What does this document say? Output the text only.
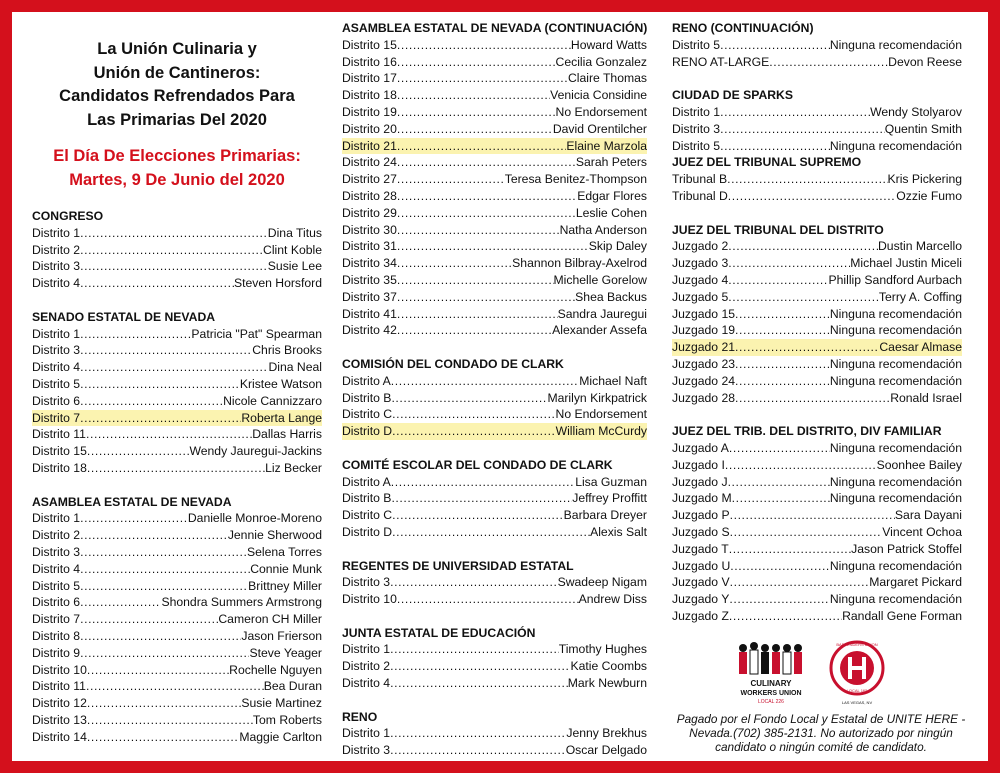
La Unión Culinaria y
Unión de Cantineros:
Candidatos Refrendados Para
Las Primarias Del 2020
El Día De Elecciones Primarias:
Martes, 9 De Junio del 2020
CONGRESO
Distrito 1 .....	Dina Titus
Distrito 2 .....	Clint Koble
Distrito 3 .....	Susie Lee
Distrito 4 .....	Steven Horsford
SENADO ESTATAL DE NEVADA
Distrito 1 .....	Patricia "Pat" Spearman
Distrito 3 .....	Chris Brooks
Distrito 4 .....	Dina Neal
Distrito 5 .....	Kristee Watson
Distrito 6 .....	Nicole Cannizzaro
Distrito 7 .....	Roberta Lange
Distrito 11 .....	Dallas Harris
Distrito 15 .....	Wendy Jauregui-Jackins
Distrito 18 .....	Liz Becker
ASAMBLEA ESTATAL DE NEVADA
Distrito 1 .....	Danielle Monroe-Moreno
Distrito 2 .....	Jennie Sherwood
Distrito 3 .....	Selena Torres
Distrito 4 .....	Connie Munk
Distrito 5 .....	Brittney Miller
Distrito 6 .....	Shondra Summers Armstrong
Distrito 7 .....	Cameron CH Miller
Distrito 8 .....	Jason Frierson
Distrito 9 .....	Steve Yeager
Distrito 10 .....	Rochelle Nguyen
Distrito 11 .....	Bea Duran
Distrito 12 .....	Susie Martinez
Distrito 13 .....	Tom Roberts
Distrito 14 .....	Maggie Carlton
ASAMBLEA ESTATAL DE NEVADA (CONTINUACIÓN)
Distrito 15 .....	Howard Watts
Distrito 16 .....	Cecilia Gonzalez
Distrito 17 .....	Claire Thomas
Distrito 18 .....	Venicia Considine
Distrito 19 .....	No Endorsement
Distrito 20 .....	David Orentilcher
Distrito 21 .....	Elaine Marzola
Distrito 24 .....	Sarah Peters
Distrito 27 .....	Teresa Benitez-Thompson
Distrito 28 .....	Edgar Flores
Distrito 29 .....	Leslie Cohen
Distrito 30 .....	Natha Anderson
Distrito 31 .....	Skip Daley
Distrito 34 .....	Shannon Bilbray-Axelrod
Distrito 35 .....	Michelle Gorelow
Distrito 37 .....	Shea Backus
Distrito 41 .....	Sandra Jauregui
Distrito 42 .....	Alexander Assefa
COMISIÓN DEL CONDADO DE CLARK
Distrito A .....	Michael Naft
Distrito B .....	Marilyn Kirkpatrick
Distrito C .....	No Endorsement
Distrito D .....	William McCurdy
COMITÉ ESCOLAR DEL CONDADO DE CLARK
Distrito A .....	Lisa Guzman
Distrito B .....	Jeffrey Proffitt
Distrito C .....	Barbara Dreyer
Distrito D .....	Alexis Salt
REGENTES DE UNIVERSIDAD ESTATAL
Distrito 3 .....	Swadeep Nigam
Distrito 10 .....	Andrew Diss
JUNTA ESTATAL DE EDUCACIÓN
Distrito 1 .....	Timothy Hughes
Distrito 2 .....	Katie Coombs
Distrito 4 .....	Mark Newburn
RENO
Distrito 1 .....	Jenny Brekhus
Distrito 3 .....	Oscar Delgado
RENO (CONTINUACIÓN)
Distrito 5 .....	Ninguna recomendación
RENO AT-LARGE .....	Devon Reese
CIUDAD DE SPARKS
Distrito 1 .....	Wendy Stolyarov
Distrito 3 .....	Quentin Smith
Distrito 5 .....	Ninguna recomendación
JUEZ DEL TRIBUNAL SUPREMO
Tribunal B .....	Kris Pickering
Tribunal D .....	Ozzie Fumo
JUEZ DEL TRIBUNAL DEL DISTRITO
Juzgado 2 .....	Dustin Marcello
Juzgado 3 .....	Michael Justin Miceli
Juzgado 4 .....	Phillip Sandford Aurbach
Juzgado 5 .....	Terry A. Coffing
Juzgado 15 .....	Ninguna recomendación
Juzgado 19 .....	Ninguna recomendación
Juzgado 21 .....	Caesar Almase
Juzgado 23 .....	Ninguna recomendación
Juzgado 24 .....	Ninguna recomendación
Juzgado 28 .....	Ronald Israel
JUEZ DEL TRIB. DEL DISTRITO, DIV FAMILIAR
Juzgado A .....	Ninguna recomendación
Juzgado I .....	Soonhee Bailey
Juzgado J .....	Ninguna recomendación
Juzgado M .....	Ninguna recomendación
Juzgado P .....	Sara Dayani
Juzgado S .....	Vincent Ochoa
Juzgado T .....	Jason Patrick Stoffel
Juzgado U .....	Ninguna recomendación
Juzgado V .....	Margaret Pickard
Juzgado Y .....	Ninguna recomendación
Juzgado Z .....	Randall Gene Forman
CULINARY
WORKERS UNION
LOCAL 226
BARTENDERS UNION
LOCAL 165
LAS VEGAS, NV
Pagado por el Fondo Local y Estatal de UNITE HERE - Nevada.(702) 385-2131. No autorizado por ningún candidato o ningún comité de candidato.
